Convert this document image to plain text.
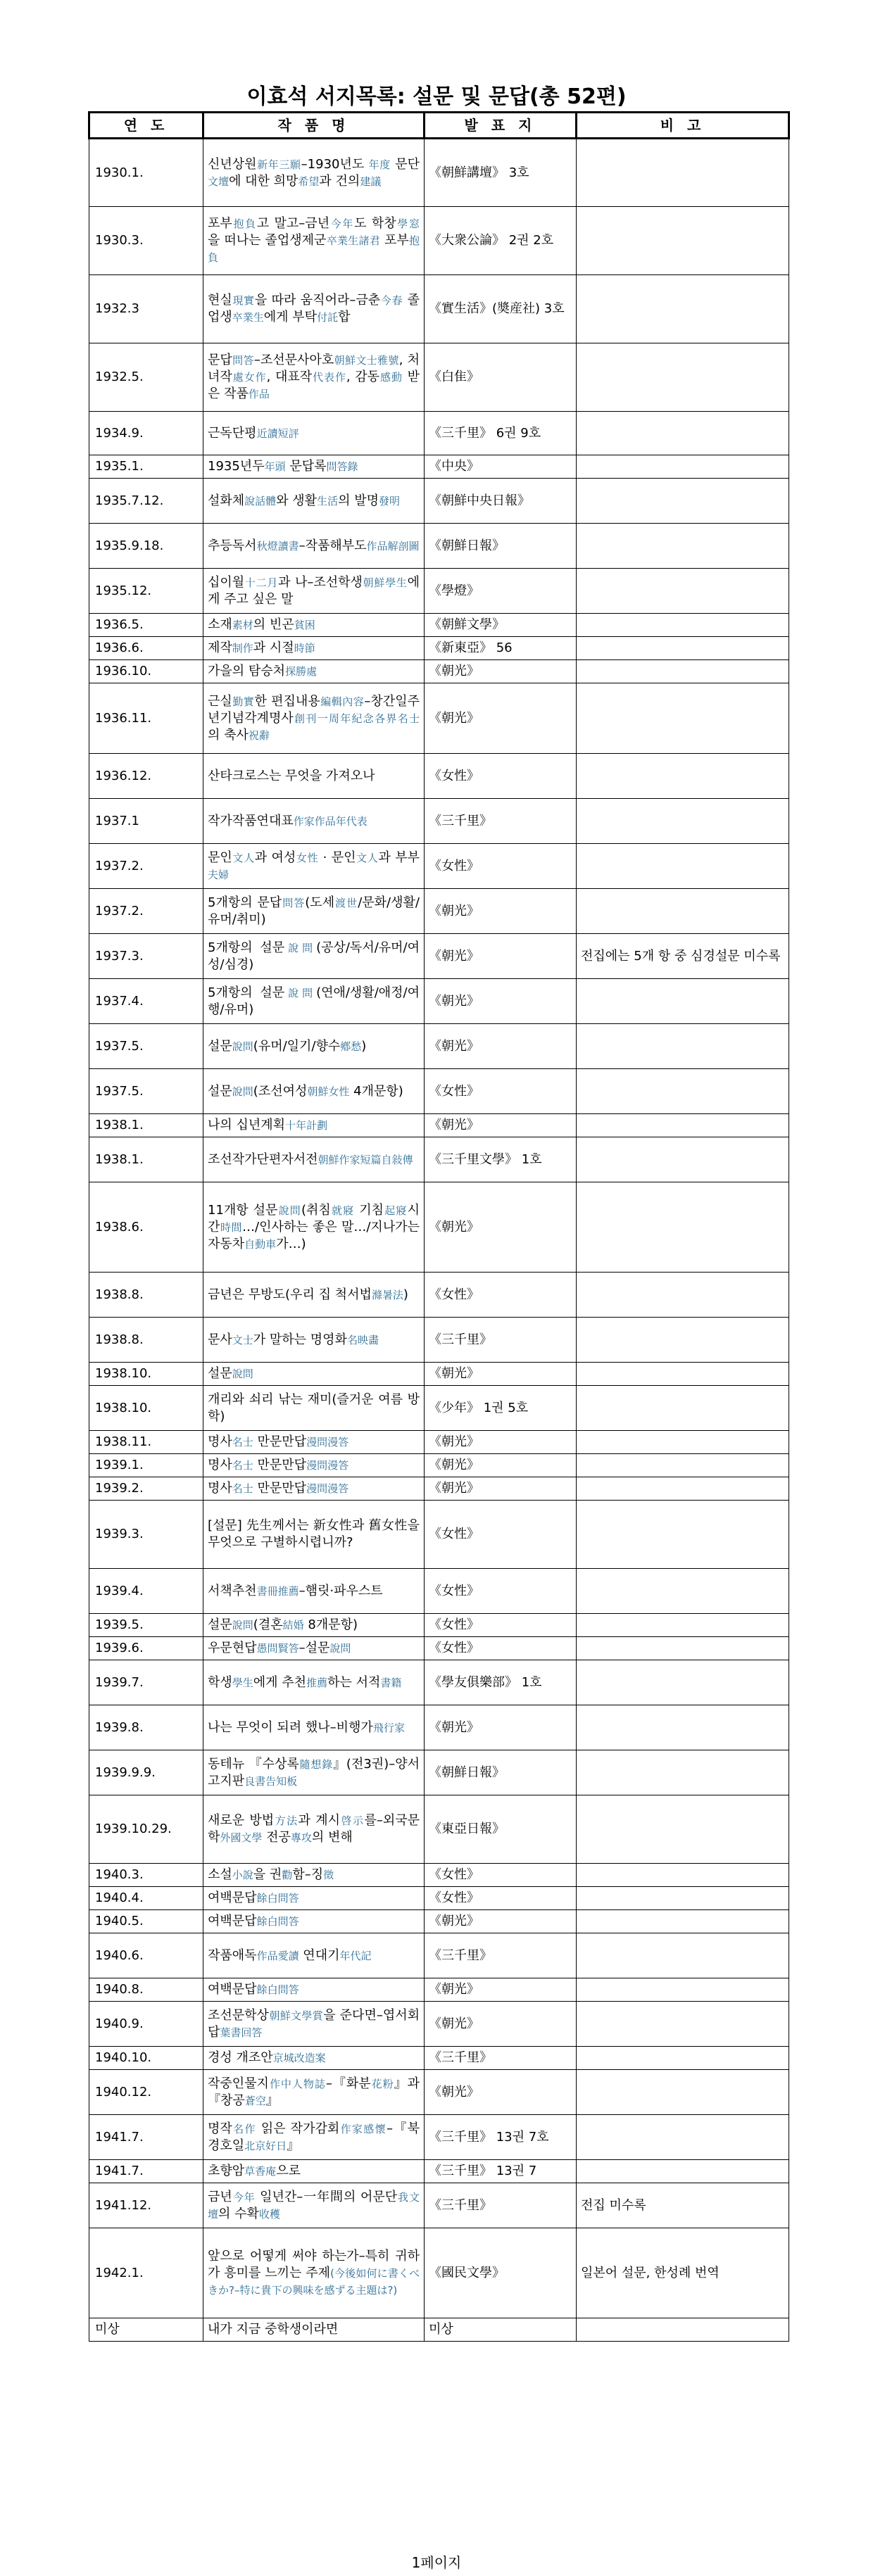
이효석 서지목록: 설문 및 문답(총 52편)
연 도	작 품 명	발 표 지	비 고
1930.1.	신년상원新年三願–1930년도 年度 문단文壇에 대한 희망希望과 건의建議	《朝鮮講壇》 3호	
1930.3.	포부抱負고 말고–금년今年도 학창學窓을 떠나는 졸업생제군卒業生諸君 포부抱負	《大衆公論》 2권 2호	
1932.3	현실現實을 따라 움직어라–금춘今春 졸업생卒業生에게 부탁付託합	《實生活》(奬産社) 3호	
1932.5.	문답問答–조선문사아호朝鮮文士雅號, 처녀작處女作, 대표작代表作, 감동感動 받은 작품作品	《白隹》	
1934.9.	근독단평近讀短評	《三千里》 6권 9호	
1935.1.	1935년두年頭 문답록問答錄	《中央》	
1935.7.12.	설화체說話體와 생활生活의 발명發明	《朝鮮中央日報》	
1935.9.18.	추등독서秋燈讀書–작품해부도作品解剖圖	《朝鮮日報》	
1935.12.	십이월十二月과 나–조선학생朝鮮學生에게 주고 싶은 말	《學燈》	
1936.5.	소재素材의 빈곤貧困	《朝鮮文學》	
1936.6.	제작制作과 시절時節	《新東亞》 56	
1936.10.	가을의 탐승처探勝處	《朝光》	
1936.11.	근실勤實한 편집내용編輯內容–창간일주년기념각계명사創刊一周年紀念各界名士의 축사祝辭	《朝光》	
1936.12.	산타크로스는 무엇을 가져오나	《女性》	
1937.1	작가작품연대표作家作品年代表	《三千里》	
1937.2.	문인文人과 여성女性 · 문인文人과 부부夫婦	《女性》	
1937.2.	5개항의 문답問答(도세渡世/문화/생활/유머/취미)	《朝光》	
1937.3.	5개항의 설문說問(공상/독서/유머/여성/심경)	《朝光》	전집에는 5개 항 중 심경설문 미수록
1937.4.	5개항의 설문說問(연애/생활/애정/여행/유머)	《朝光》	
1937.5.	설문說問(유머/일기/향수鄕愁)	《朝光》	
1937.5.	설문說問(조선여성朝鮮女性 4개문항)	《女性》	
1938.1.	나의 십년계획十年計劃	《朝光》	
1938.1.	조선작가단편자서전朝鮮作家短篇自敍傳	《三千里文學》 1호	
1938.6.	11개항 설문說問(취침就寢 기침起寢시간時間…/인사하는 좋은 말…/지나가는 자동차自動車가…)	《朝光》	
1938.8.	금년은 무방도(우리 집 척서법滌暑法)	《女性》	
1938.8.	문사文士가 말하는 명영화名映畵	《三千里》	
1938.10.	설문說問	《朝光》	
1938.10.	개리와 쇠리 낚는 재미(즐거운 여름 방학)	《少年》 1권 5호	
1938.11.	명사名士 만문만답漫問漫答	《朝光》	
1939.1.	명사名士 만문만답漫問漫答	《朝光》	
1939.2.	명사名士 만문만답漫問漫答	《朝光》	
1939.3.	[설문] 先生께서는 新女性과 舊女性을 무엇으로 구별하시렵니까?	《女性》	
1939.4.	서책추천書冊推薦–햄릿·파우스트	《女性》	
1939.5.	설문說問(결혼結婚 8개문항)	《女性》	
1939.6.	우문현답愚問賢答–설문說問	《女性》	
1939.7.	학생學生에게 추천推薦하는 서적書籍	《學友俱樂部》 1호	
1939.8.	나는 무엇이 되려 했나–비행가飛行家	《朝光》	
1939.9.9.	동테뉴 『수상록隨想錄』(전3권)–양서고지판良書告知板	《朝鮮日報》	
1939.10.29.	새로운 방법方法과 계시啓示를–외국문학外國文學 전공專攻의 변해	《東亞日報》	
1940.3.	소설小說을 권勸함–징徵	《女性》	
1940.4.	여백문답餘白問答	《女性》	
1940.5.	여백문답餘白問答	《朝光》	
1940.6.	작품애독作品愛讀 연대기年代記	《三千里》	
1940.8.	여백문답餘白問答	《朝光》	
1940.9.	조선문학상朝鮮文學賞을 준다면–엽서회답葉書回答	《朝光》	
1940.10.	경성 개조안京城改造案	《三千里》	
1940.12.	작중인물지作中人物誌–『화분花粉』과 『창공蒼空』	《朝光》	
1941.7.	명작名作 읽은 작가감회作家感懷–『북경호일北京好日』	《三千里》 13권 7호	
1941.7.	초향암草香庵으로	《三千里》 13권 7	
1941.12.	금년今年 일년간–一年間의 어문단我文壇의 수확收穫	《三千里》	전집 미수록
1942.1.	앞으로 어떻게 써야 하는가–특히 귀하가 흥미를 느끼는 주제(今後如何に書くべきか?–特に貴下の興味を感ずる主題は?)	《國民文學》	일본어 설문, 한성례 번역
미상	내가 지금 중학생이라면	미상	
1페이지
